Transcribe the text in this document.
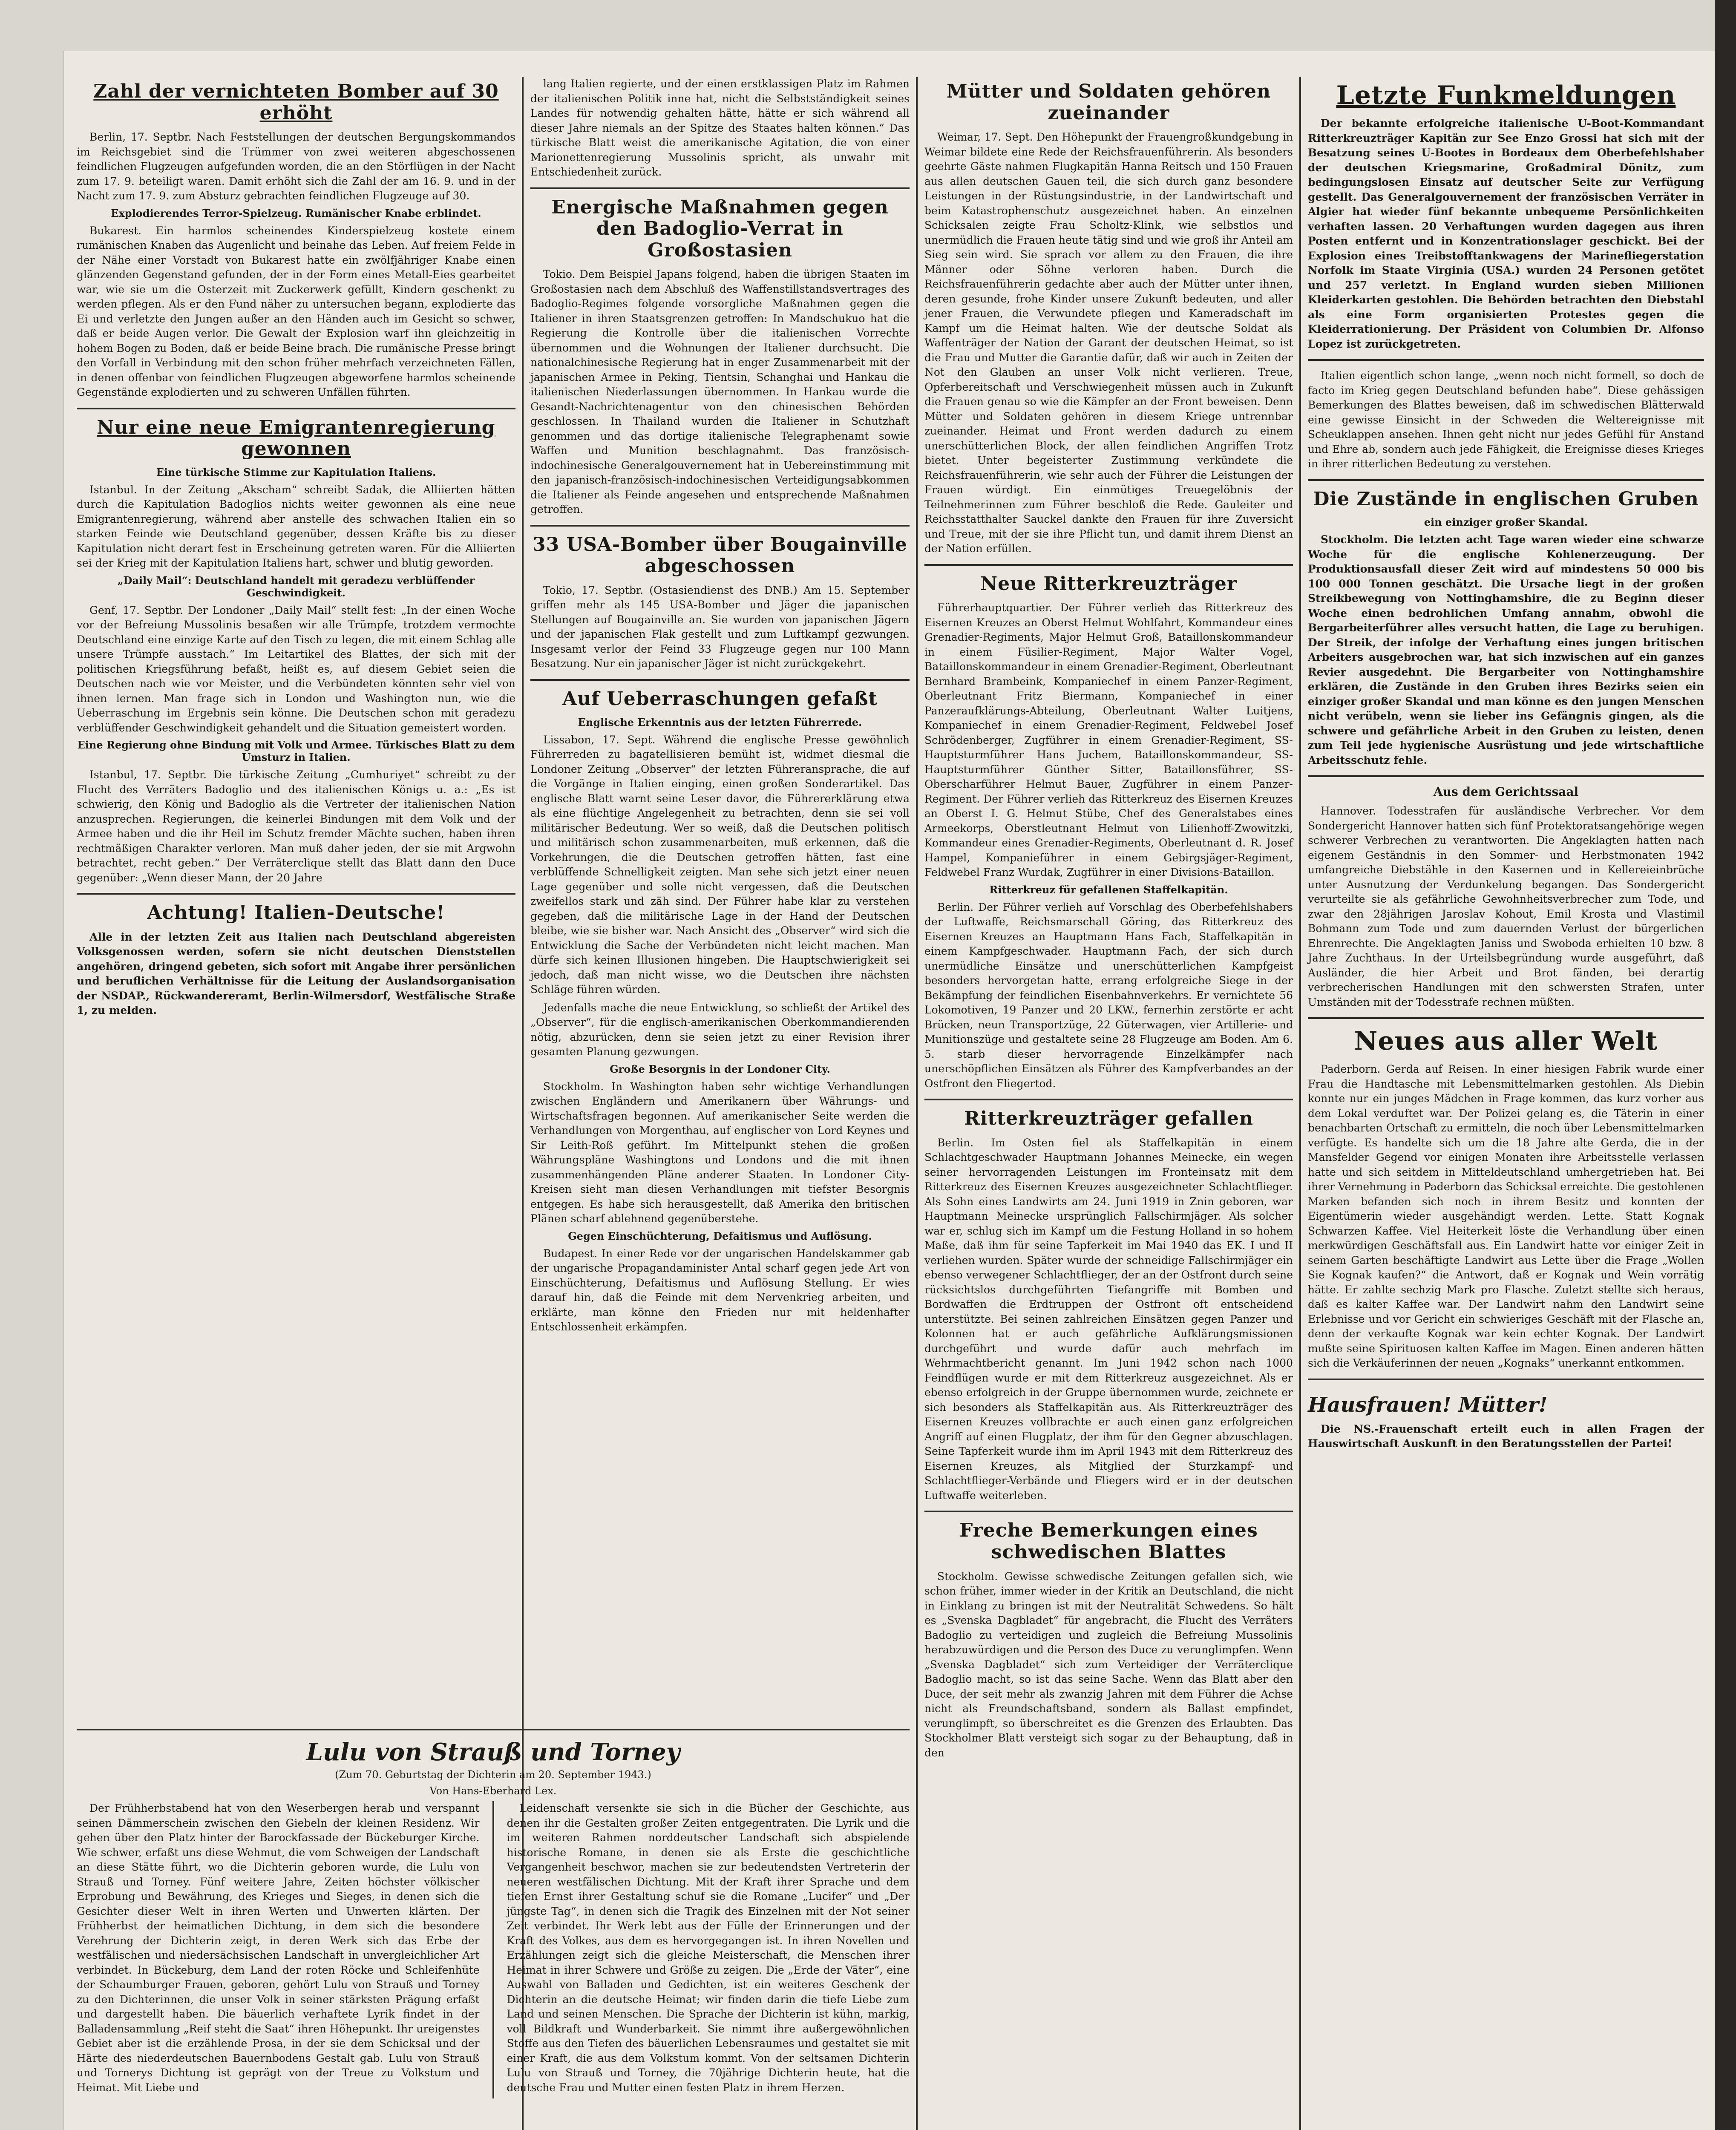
Zahl der vernichteten Bomber auf 30 erhöht

Berlin, 17. Septbr. Nach Feststellungen der deutschen Bergungskommandos im Reichsgebiet sind die Trümmer von zwei weiteren abgeschossenen feindlichen Flugzeugen aufgefunden worden, die an den Störflügen in der Nacht zum 17. 9. beteiligt waren. Damit erhöht sich die Zahl der am 16. 9. und in der Nacht zum 17. 9. zum Absturz gebrachten feindlichen Flugzeuge auf 30.

Explodierendes Terror-Spielzeug. Rumänischer Knabe erblindet.

Bukarest. Ein harmlos scheinendes Kinderspielzeug kostete einem rumänischen Knaben das Augenlicht und beinahe das Leben. Auf freiem Felde in der Nähe einer Vorstadt von Bukarest hatte ein zwölfjähriger Knabe einen glänzenden Gegenstand gefunden, der in der Form eines Metall-Eies gearbeitet war, wie sie um die Osterzeit mit Zuckerwerk gefüllt, Kindern geschenkt zu werden pflegen. Als er den Fund näher zu untersuchen begann, explodierte das Ei und verletzte den Jungen außer an den Händen auch im Gesicht so schwer, daß er beide Augen verlor. Die Gewalt der Explosion warf ihn gleichzeitig in hohem Bogen zu Boden, daß er beide Beine brach. Die rumänische Presse bringt den Vorfall in Verbindung mit den schon früher mehrfach verzeichneten Fällen, in denen offenbar von feindlichen Flugzeugen abgeworfene harmlos scheinende Gegenstände explodierten und zu schweren Unfällen führten.

Nur eine neue Emigrantenregierung gewonnen
Eine türkische Stimme zur Kapitulation Italiens.

Istanbul. In der Zeitung „Akscham“ schreibt Sadak, die Alliierten hätten durch die Kapitulation Badoglios nichts weiter gewonnen als eine neue Emigrantenregierung, während aber anstelle des schwachen Italien ein so starken Feinde wie Deutschland gegenüber, dessen Kräfte bis zu dieser Kapitulation nicht derart fest in Erscheinung getreten waren. Für die Alliierten sei der Krieg mit der Kapitulation Italiens hart, schwer und blutig geworden.

„Daily Mail“: Deutschland handelt mit geradezu verblüffender Geschwindigkeit.

Genf, 17. Septbr. Der Londoner „Daily Mail“ stellt fest: „In der einen Woche vor der Befreiung Mussolinis besaßen wir alle Trümpfe, trotzdem vermochte Deutschland eine einzige Karte auf den Tisch zu legen, die mit einem Schlag alle unsere Trümpfe ausstach.“ Im Leitartikel des Blattes, der sich mit der politischen Kriegsführung befaßt, heißt es, auf diesem Gebiet seien die Deutschen nach wie vor Meister, und die Verbündeten könnten sehr viel von ihnen lernen. Man frage sich in London und Washington nun, wie die Ueberraschung im Ergebnis sein könne. Die Deutschen schon mit geradezu verblüffender Geschwindigkeit gehandelt und die Situation gemeistert worden.

Eine Regierung ohne Bindung mit Volk und Armee. Türkisches Blatt zu dem Umsturz in Italien.

Istanbul, 17. Septbr. Die türkische Zeitung „Cumhuriyet“ schreibt zu der Flucht des Verräters Badoglio und des italienischen Königs u. a.: „Es ist schwierig, den König und Badoglio als die Vertreter der italienischen Nation anzusprechen. Regierungen, die keinerlei Bindungen mit dem Volk und der Armee haben und die ihr Heil im Schutz fremder Mächte suchen, haben ihren rechtmäßigen Charakter verloren. Man muß daher jeden, der sie mit Argwohn betrachtet, recht geben.“ Der Verräterclique stellt das Blatt dann den Duce gegenüber: „Wenn dieser Mann, der 20 Jahre

Achtung! Italien-Deutsche!

Alle in der letzten Zeit aus Italien nach Deutschland abgereisten Volksgenossen werden, sofern sie nicht deutschen Dienststellen angehören, dringend gebeten, sich sofort mit Angabe ihrer persönlichen und beruflichen Verhältnisse für die Leitung der Auslandsorganisation der NSDAP., Rückwandereramt, Berlin-Wilmersdorf, Westfälische Straße 1, zu melden.

lang Italien regierte, und der einen erstklassigen Platz im Rahmen der italienischen Politik inne hat, nicht die Selbstständigkeit seines Landes für notwendig gehalten hätte, hätte er sich während all dieser Jahre niemals an der Spitze des Staates halten können.“ Das türkische Blatt weist die amerikanische Agitation, die von einer Marionettenregierung Mussolinis spricht, als unwahr mit Entschiedenheit zurück.

Energische Maßnahmen gegen den Badoglio-Verrat in Großostasien

Tokio. Dem Beispiel Japans folgend, haben die übrigen Staaten im Großostasien nach dem Abschluß des Waffenstillstandsvertrages des Badoglio-Regimes folgende vorsorgliche Maßnahmen gegen die Italiener in ihren Staatsgrenzen getroffen: In Mandschukuo hat die Regierung die Kontrolle über die italienischen Vorrechte übernommen und die Wohnungen der Italiener durchsucht. Die nationalchinesische Regierung hat in enger Zusammenarbeit mit der japanischen Armee in Peking, Tientsin, Schanghai und Hankau die italienischen Niederlassungen übernommen. In Hankau wurde die Gesandt-Nachrichtenagentur von den chinesischen Behörden geschlossen. In Thailand wurden die Italiener in Schutzhaft genommen und das dortige italienische Telegraphenamt sowie Waffen und Munition beschlagnahmt. Das französisch-indochinesische Generalgouvernement hat in Uebereinstimmung mit den japanisch-französisch-indochinesischen Verteidigungsabkommen die Italiener als Feinde angesehen und entsprechende Maßnahmen getroffen.

33 USA-Bomber über Bougainville abgeschossen

Tokio, 17. Septbr. (Ostasiendienst des DNB.) Am 15. September griffen mehr als 145 USA-Bomber und Jäger die japanischen Stellungen auf Bougainville an. Sie wurden von japanischen Jägern und der japanischen Flak gestellt und zum Luftkampf gezwungen. Insgesamt verlor der Feind 33 Flugzeuge gegen nur 100 Mann Besatzung. Nur ein japanischer Jäger ist nicht zurückgekehrt.

Auf Ueberraschungen gefaßt
Englische Erkenntnis aus der letzten Führerrede.

Lissabon, 17. Sept. Während die englische Presse gewöhnlich Führerreden zu bagatellisieren bemüht ist, widmet diesmal die Londoner Zeitung „Observer“ der letzten Führeransprache, die auf die Vorgänge in Italien einging, einen großen Sonderartikel. Das englische Blatt warnt seine Leser davor, die Führererklärung etwa als eine flüchtige Angelegenheit zu betrachten, denn sie sei voll militärischer Bedeutung. Wer so weiß, daß die Deutschen politisch und militärisch schon zusammenarbeiten, muß erkennen, daß die Vorkehrungen, die die Deutschen getroffen hätten, fast eine verblüffende Schnelligkeit zeigten. Man sehe sich jetzt einer neuen Lage gegenüber und solle nicht vergessen, daß die Deutschen zweifellos stark und zäh sind. Der Führer habe klar zu verstehen gegeben, daß die militärische Lage in der Hand der Deutschen bleibe, wie sie bisher war. Nach Ansicht des „Observer“ wird sich die Entwicklung die Sache der Verbündeten nicht leicht machen. Man dürfe sich keinen Illusionen hingeben. Die Hauptschwierigkeit sei jedoch, daß man nicht wisse, wo die Deutschen ihre nächsten Schläge führen würden.

Jedenfalls mache die neue Entwicklung, so schließt der Artikel des „Observer“, für die englisch-amerikanischen Oberkommandierenden nötig, abzurücken, denn sie seien jetzt zu einer Revision ihrer gesamten Planung gezwungen.

Große Besorgnis in der Londoner City.

Stockholm. In Washington haben sehr wichtige Verhandlungen zwischen Engländern und Amerikanern über Währungs- und Wirtschaftsfragen begonnen. Auf amerikanischer Seite werden die Verhandlungen von Morgenthau, auf englischer von Lord Keynes und Sir Leith-Roß geführt. Im Mittelpunkt stehen die großen Währungspläne Washingtons und Londons und die mit ihnen zusammenhängenden Pläne anderer Staaten. In Londoner City-Kreisen sieht man diesen Verhandlungen mit tiefster Besorgnis entgegen. Es habe sich herausgestellt, daß Amerika den britischen Plänen scharf ablehnend gegenüberstehe.

Gegen Einschüchterung, Defaitismus und Auflösung.

Budapest. In einer Rede vor der ungarischen Handelskammer gab der ungarische Propagandaminister Antal scharf gegen jede Art von Einschüchterung, Defaitismus und Auflösung Stellung. Er wies darauf hin, daß die Feinde mit dem Nervenkrieg arbeiten, und erklärte, man könne den Frieden nur mit heldenhafter Entschlossenheit erkämpfen.

Mütter und Soldaten gehören zueinander

Weimar, 17. Sept. Den Höhepunkt der Frauengroßkundgebung in Weimar bildete eine Rede der Reichsfrauenführerin. Als besonders geehrte Gäste nahmen Flugkapitän Hanna Reitsch und 150 Frauen aus allen deutschen Gauen teil, die sich durch ganz besondere Leistungen in der Rüstungsindustrie, in der Landwirtschaft und beim Katastrophenschutz ausgezeichnet haben. An einzelnen Schicksalen zeigte Frau Scholtz-Klink, wie selbstlos und unermüdlich die Frauen heute tätig sind und wie groß ihr Anteil am Sieg sein wird. Sie sprach vor allem zu den Frauen, die ihre Männer oder Söhne verloren haben. Durch die Reichsfrauenführerin gedachte aber auch der Mütter unter ihnen, deren gesunde, frohe Kinder unsere Zukunft bedeuten, und aller jener Frauen, die Verwundete pflegen und Kameradschaft im Kampf um die Heimat halten. Wie der deutsche Soldat als Waffenträger der Nation der Garant der deutschen Heimat, so ist die Frau und Mutter die Garantie dafür, daß wir auch in Zeiten der Not den Glauben an unser Volk nicht verlieren. Treue, Opferbereitschaft und Verschwiegenheit müssen auch in Zukunft die Frauen genau so wie die Kämpfer an der Front beweisen. Denn Mütter und Soldaten gehören in diesem Kriege untrennbar zueinander. Heimat und Front werden dadurch zu einem unerschütterlichen Block, der allen feindlichen Angriffen Trotz bietet. Unter begeisterter Zustimmung verkündete die Reichsfrauenführerin, wie sehr auch der Führer die Leistungen der Frauen würdigt. Ein einmütiges Treuegelöbnis der Teilnehmerinnen zum Führer beschloß die Rede. Gauleiter und Reichsstatthalter Sauckel dankte den Frauen für ihre Zuversicht und Treue, mit der sie ihre Pflicht tun, und damit ihrem Dienst an der Nation erfüllen.

Neue Ritterkreuzträger

Führerhauptquartier. Der Führer verlieh das Ritterkreuz des Eisernen Kreuzes an Oberst Helmut Wohlfahrt, Kommandeur eines Grenadier-Regiments, Major Helmut Groß, Bataillonskommandeur in einem Füsilier-Regiment, Major Walter Vogel, Bataillonskommandeur in einem Grenadier-Regiment, Oberleutnant Bernhard Brambeink, Kompaniechef in einem Panzer-Regiment, Oberleutnant Fritz Biermann, Kompaniechef in einer Panzeraufklärungs-Abteilung, Oberleutnant Walter Luitjens, Kompaniechef in einem Grenadier-Regiment, Feldwebel Josef Schrödenberger, Zugführer in einem Grenadier-Regiment, SS-Hauptsturmführer Hans Juchem, Bataillonskommandeur, SS-Hauptsturmführer Günther Sitter, Bataillonsführer, SS-Oberscharführer Helmut Bauer, Zugführer in einem Panzer-Regiment. Der Führer verlieh das Ritterkreuz des Eisernen Kreuzes an Oberst I. G. Helmut Stübe, Chef des Generalstabes eines Armeekorps, Oberstleutnant Helmut von Lilienhoff-Zwowitzki, Kommandeur eines Grenadier-Regiments, Oberleutnant d. R. Josef Hampel, Kompanieführer in einem Gebirgsjäger-Regiment, Feldwebel Franz Wurdak, Zugführer in einer Divisions-Bataillon.

Ritterkreuz für gefallenen Staffelkapitän.

Berlin. Der Führer verlieh auf Vorschlag des Oberbefehlshabers der Luftwaffe, Reichsmarschall Göring, das Ritterkreuz des Eisernen Kreuzes an Hauptmann Hans Fach, Staffelkapitän in einem Kampfgeschwader. Hauptmann Fach, der sich durch unermüdliche Einsätze und unerschütterlichen Kampfgeist besonders hervorgetan hatte, errang erfolgreiche Siege in der Bekämpfung der feindlichen Eisenbahnverkehrs. Er vernichtete 56 Lokomotiven, 19 Panzer und 20 LKW., fernerhin zerstörte er acht Brücken, neun Transportzüge, 22 Güterwagen, vier Artillerie- und Munitionszüge und gestaltete seine 28 Flugzeuge am Boden. Am 6. 5. starb dieser hervorragende Einzelkämpfer nach unerschöpflichen Einsätzen als Führer des Kampfverbandes an der Ostfront den Fliegertod.

Ritterkreuzträger gefallen

Berlin. Im Osten fiel als Staffelkapitän in einem Schlachtgeschwader Hauptmann Johannes Meinecke, ein wegen seiner hervorragenden Leistungen im Fronteinsatz mit dem Ritterkreuz des Eisernen Kreuzes ausgezeichneter Schlachtflieger. Als Sohn eines Landwirts am 24. Juni 1919 in Znin geboren, war Hauptmann Meinecke ursprünglich Fallschirmjäger. Als solcher war er, schlug sich im Kampf um die Festung Holland in so hohem Maße, daß ihm für seine Tapferkeit im Mai 1940 das EK. I und II verliehen wurden. Später wurde der schneidige Fallschirmjäger ein ebenso verwegener Schlachtflieger, der an der Ostfront durch seine rücksichtslos durchgeführten Tiefangriffe mit Bomben und Bordwaffen die Erdtruppen der Ostfront oft entscheidend unterstützte. Bei seinen zahlreichen Einsätzen gegen Panzer und Kolonnen hat er auch gefährliche Aufklärungsmissionen durchgeführt und wurde dafür auch mehrfach im Wehrmachtbericht genannt. Im Juni 1942 schon nach 1000 Feindflügen wurde er mit dem Ritterkreuz ausgezeichnet. Als er ebenso erfolgreich in der Gruppe übernommen wurde, zeichnete er sich besonders als Staffelkapitän aus. Als Ritterkreuzträger des Eisernen Kreuzes vollbrachte er auch einen ganz erfolgreichen Angriff auf einen Flugplatz, der ihm für den Gegner abzuschlagen. Seine Tapferkeit wurde ihm im April 1943 mit dem Ritterkreuz des Eisernen Kreuzes, als Mitglied der Sturzkampf- und Schlachtflieger-Verbände und Fliegers wird er in der deutschen Luftwaffe weiterleben.

Freche Bemerkungen eines schwedischen Blattes

Stockholm. Gewisse schwedische Zeitungen gefallen sich, wie schon früher, immer wieder in der Kritik an Deutschland, die nicht in Einklang zu bringen ist mit der Neutralität Schwedens. So hält es „Svenska Dagbladet“ für angebracht, die Flucht des Verräters Badoglio zu verteidigen und zugleich die Befreiung Mussolinis herabzuwürdigen und die Person des Duce zu verunglimpfen. Wenn „Svenska Dagbladet“ sich zum Verteidiger der Verräterclique Badoglio macht, so ist das seine Sache. Wenn das Blatt aber den Duce, der seit mehr als zwanzig Jahren mit dem Führer die Achse nicht als Freundschaftsband, sondern als Ballast empfindet, verunglimpft, so überschreitet es die Grenzen des Erlaubten. Das Stockholmer Blatt versteigt sich sogar zu der Behauptung, daß in den

Letzte Funkmeldungen

Der bekannte erfolgreiche italienische U-Boot-Kommandant Ritterkreuzträger Kapitän zur See Enzo Grossi hat sich mit der Besatzung seines U-Bootes in Bordeaux dem Oberbefehlshaber der deutschen Kriegsmarine, Großadmiral Dönitz, zum bedingungslosen Einsatz auf deutscher Seite zur Verfügung gestellt. Das Generalgouvernement der französischen Verräter in Algier hat wieder fünf bekannte unbequeme Persönlichkeiten verhaften lassen. 20 Verhaftungen wurden dagegen aus ihren Posten entfernt und in Konzentrationslager geschickt. Bei der Explosion eines Treibstofftankwagens der Marinefliegerstation Norfolk im Staate Virginia (USA.) wurden 24 Personen getötet und 257 verletzt. In England wurden sieben Millionen Kleiderkarten gestohlen. Die Behörden betrachten den Diebstahl als eine Form organisierten Protestes gegen die Kleiderrationierung. Der Präsident von Columbien Dr. Alfonso Lopez ist zurückgetreten.

Italien eigentlich schon lange, „wenn noch nicht formell, so doch de facto im Krieg gegen Deutschland befunden habe“. Diese gehässigen Bemerkungen des Blattes beweisen, daß im schwedischen Blätterwald eine gewisse Einsicht in der Schweden die Weltereignisse mit Scheuklappen ansehen. Ihnen geht nicht nur jedes Gefühl für Anstand und Ehre ab, sondern auch jede Fähigkeit, die Ereignisse dieses Krieges in ihrer ritterlichen Bedeutung zu verstehen.

Die Zustände in englischen Gruben
ein einziger großer Skandal.

Stockholm. Die letzten acht Tage waren wieder eine schwarze Woche für die englische Kohlenerzeugung. Der Produktionsausfall dieser Zeit wird auf mindestens 50 000 bis 100 000 Tonnen geschätzt. Die Ursache liegt in der großen Streikbewegung von Nottinghamshire, die zu Beginn dieser Woche einen bedrohlichen Umfang annahm, obwohl die Bergarbeiterführer alles versucht hatten, die Lage zu beruhigen. Der Streik, der infolge der Verhaftung eines jungen britischen Arbeiters ausgebrochen war, hat sich inzwischen auf ein ganzes Revier ausgedehnt. Die Bergarbeiter von Nottinghamshire erklären, die Zustände in den Gruben ihres Bezirks seien ein einziger großer Skandal und man könne es den jungen Menschen nicht verübeln, wenn sie lieber ins Gefängnis gingen, als die schwere und gefährliche Arbeit in den Gruben zu leisten, denen zum Teil jede hygienische Ausrüstung und jede wirtschaftliche Arbeitsschutz fehle.

Aus dem Gerichtssaal

Hannover. Todesstrafen für ausländische Verbrecher. Vor dem Sondergericht Hannover hatten sich fünf Protektoratsangehörige wegen schwerer Verbrechen zu verantworten. Die Angeklagten hatten nach eigenem Geständnis in den Sommer- und Herbstmonaten 1942 umfangreiche Diebstähle in den Kasernen und in Kellereieinbrüche unter Ausnutzung der Verdunkelung begangen. Das Sondergericht verurteilte sie als gefährliche Gewohnheitsverbrecher zum Tode, und zwar den 28jährigen Jaroslav Kohout, Emil Krosta und Vlastimil Bohmann zum Tode und zum dauernden Verlust der bürgerlichen Ehrenrechte. Die Angeklagten Janiss und Swoboda erhielten 10 bzw. 8 Jahre Zuchthaus. In der Urteilsbegründung wurde ausgeführt, daß Ausländer, die hier Arbeit und Brot fänden, bei derartig verbrecherischen Handlungen mit den schwersten Strafen, unter Umständen mit der Todesstrafe rechnen müßten.

Neues aus aller Welt

Paderborn. Gerda auf Reisen. In einer hiesigen Fabrik wurde einer Frau die Handtasche mit Lebensmittelmarken gestohlen. Als Diebin konnte nur ein junges Mädchen in Frage kommen, das kurz vorher aus dem Lokal verduftet war. Der Polizei gelang es, die Täterin in einer benachbarten Ortschaft zu ermitteln, die noch über Lebensmittelmarken verfügte. Es handelte sich um die 18 Jahre alte Gerda, die in der Mansfelder Gegend vor einigen Monaten ihre Arbeitsstelle verlassen hatte und sich seitdem in Mitteldeutschland umhergetrieben hat. Bei ihrer Vernehmung in Paderborn das Schicksal erreichte. Die gestohlenen Marken befanden sich noch in ihrem Besitz und konnten der Eigentümerin wieder ausgehändigt werden. Lette. Statt Kognak Schwarzen Kaffee. Viel Heiterkeit löste die Verhandlung über einen merkwürdigen Geschäftsfall aus. Ein Landwirt hatte vor einiger Zeit in seinem Garten beschäftigte Landwirt aus Lette über die Frage „Wollen Sie Kognak kaufen?“ die Antwort, daß er Kognak und Wein vorrätig hätte. Er zahlte sechzig Mark pro Flasche. Zuletzt stellte sich heraus, daß es kalter Kaffee war. Der Landwirt nahm den Landwirt seine Erlebnisse und vor Gericht ein schwieriges Geschäft mit der Flasche an, denn der verkaufte Kognak war kein echter Kognak. Der Landwirt mußte seine Spirituosen kalten Kaffee im Magen. Einen anderen hätten sich die Verkäuferinnen der neuen „Kognaks“ unerkannt entkommen.

Hausfrauen! Mütter!

Die NS.-Frauenschaft erteilt euch in allen Fragen der Hauswirtschaft Auskunft in den Beratungsstellen der Partei!

Lulu von Strauß und Torney
(Zum 70. Geburtstag der Dichterin am 20. September 1943.)
Von Hans-Eberhard Lex.

Der Frühherbstabend hat von den Weserbergen herab und verspannt seinen Dämmerschein zwischen den Giebeln der kleinen Residenz. Wir gehen über den Platz hinter der Barockfassade der Bückeburger Kirche. Wie schwer, erfaßt uns diese Wehmut, die vom Schweigen der Landschaft an diese Stätte führt, wo die Dichterin geboren wurde, die Lulu von Strauß und Torney. Fünf weitere Jahre, Zeiten höchster völkischer Erprobung und Bewährung, des Krieges und Sieges, in denen sich die Gesichter dieser Welt in ihren Werten und Unwerten klärten. Der Frühherbst der heimatlichen Dichtung, in dem sich die besondere Verehrung der Dichterin zeigt, in deren Werk sich das Erbe der westfälischen und niedersächsischen Landschaft in unvergleichlicher Art verbindet. In Bückeburg, dem Land der roten Röcke und Schleifenhüte der Schaumburger Frauen, geboren, gehört Lulu von Strauß und Torney zu den Dichterinnen, die unser Volk in seiner stärksten Prägung erfaßt und dargestellt haben. Die bäuerlich verhaftete Lyrik findet in der Balladensammlung „Reif steht die Saat“ ihren Höhepunkt. Ihr ureigenstes Gebiet aber ist die erzählende Prosa, in der sie dem Schicksal und der Härte des niederdeutschen Bauernbodens Gestalt gab. Lulu von Strauß und Tornerys Dichtung ist geprägt von der Treue zu Volkstum und Heimat. Mit Liebe und

Leidenschaft versenkte sie sich in die Bücher der Geschichte, aus denen ihr die Gestalten großer Zeiten entgegentraten. Die Lyrik und die im weiteren Rahmen norddeutscher Landschaft sich abspielende historische Romane, in denen sie als Erste die geschichtliche Vergangenheit beschwor, machen sie zur bedeutendsten Vertreterin der neueren westfälischen Dichtung. Mit der Kraft ihrer Sprache und dem tiefen Ernst ihrer Gestaltung schuf sie die Romane „Lucifer“ und „Der jüngste Tag“, in denen sich die Tragik des Einzelnen mit der Not seiner Zeit verbindet. Ihr Werk lebt aus der Fülle der Erinnerungen und der Kraft des Volkes, aus dem es hervorgegangen ist. In ihren Novellen und Erzählungen zeigt sich die gleiche Meisterschaft, die Menschen ihrer Heimat in ihrer Schwere und Größe zu zeigen. Die „Erde der Väter“, eine Auswahl von Balladen und Gedichten, ist ein weiteres Geschenk der Dichterin an die deutsche Heimat; wir finden darin die tiefe Liebe zum Land und seinen Menschen. Die Sprache der Dichterin ist kühn, markig, voll Bildkraft und Wunderbarkeit. Sie nimmt ihre außergewöhnlichen Stoffe aus den Tiefen des bäuerlichen Lebensraumes und gestaltet sie mit einer Kraft, die aus dem Volkstum kommt. Von der seltsamen Dichterin Lulu von Strauß und Torney, die 70jährige Dichterin heute, hat die deutsche Frau und Mutter einen festen Platz in ihrem Herzen.
